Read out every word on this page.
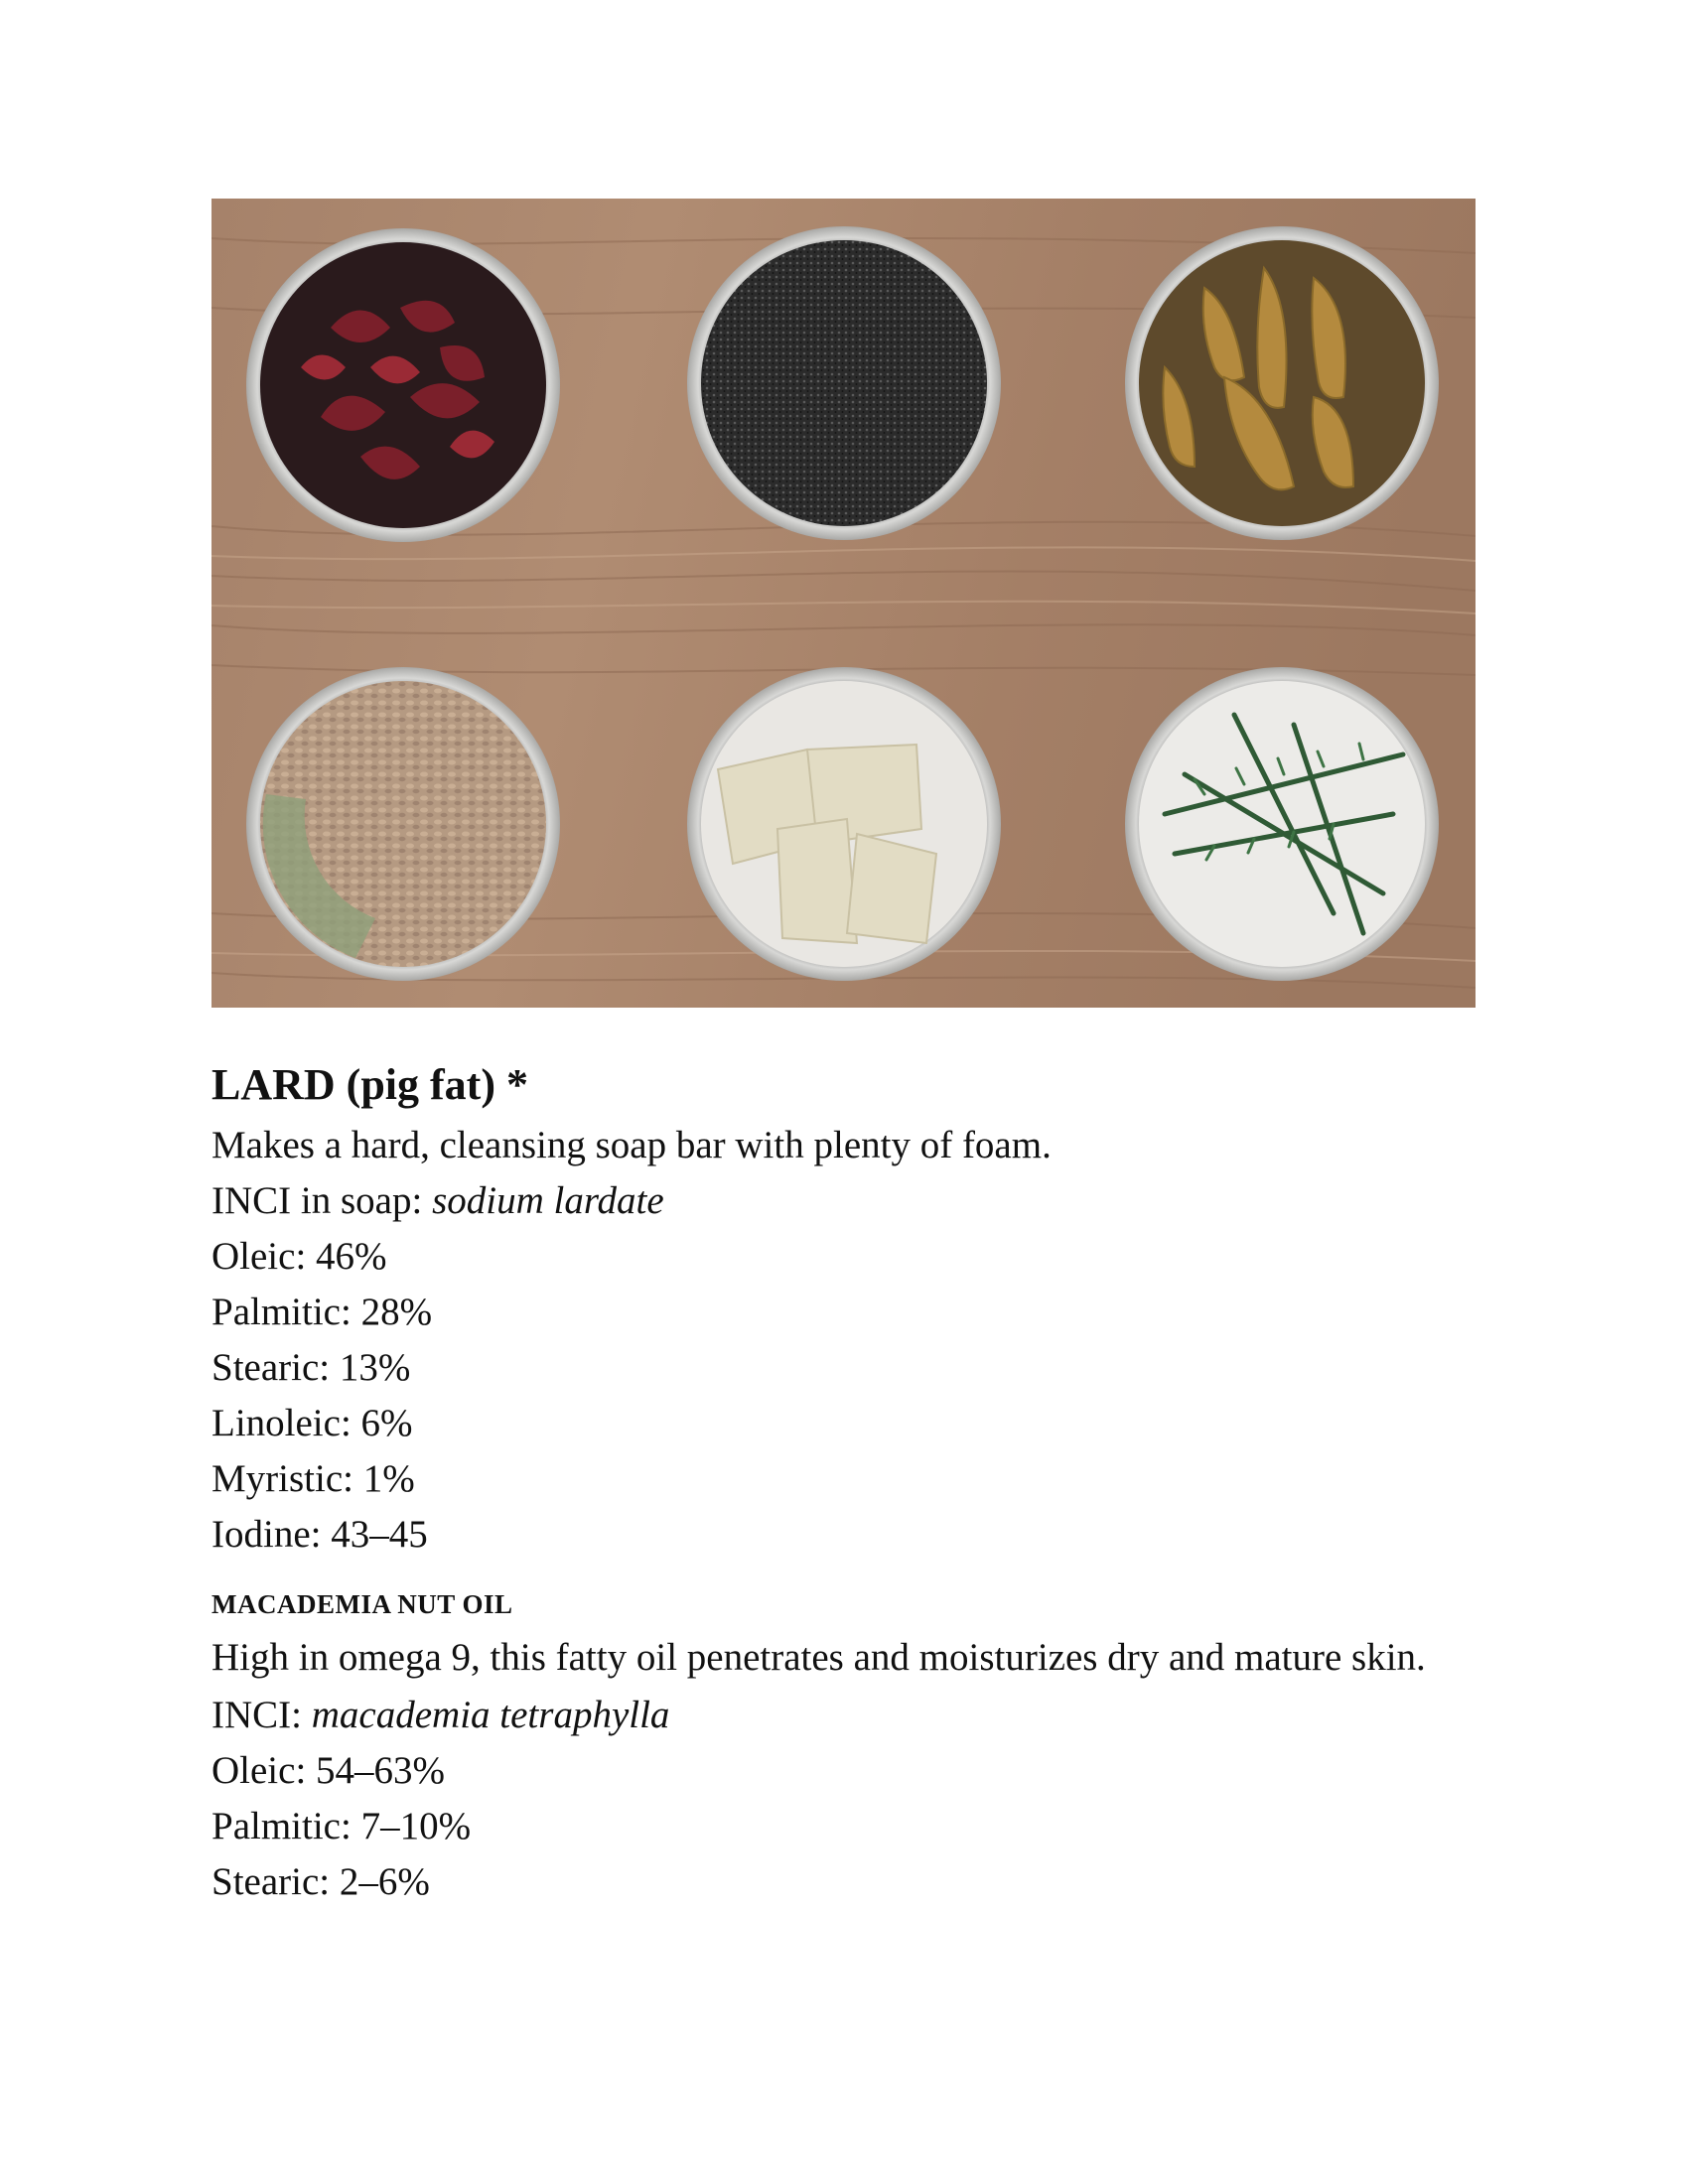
LARD (pig fat) *

Makes a hard, cleansing soap bar with plenty of foam.

INCI in soap: sodium lardate

Oleic: 46%

Palmitic: 28%

Stearic: 13%

Linoleic: 6%

Myristic: 1%

Iodine: 43–45

MACADEMIA NUT OIL

High in omega 9, this fatty oil penetrates and moisturizes dry and mature skin.

INCI: macademia tetraphylla

Oleic: 54–63%

Palmitic: 7–10%

Stearic: 2–6%
